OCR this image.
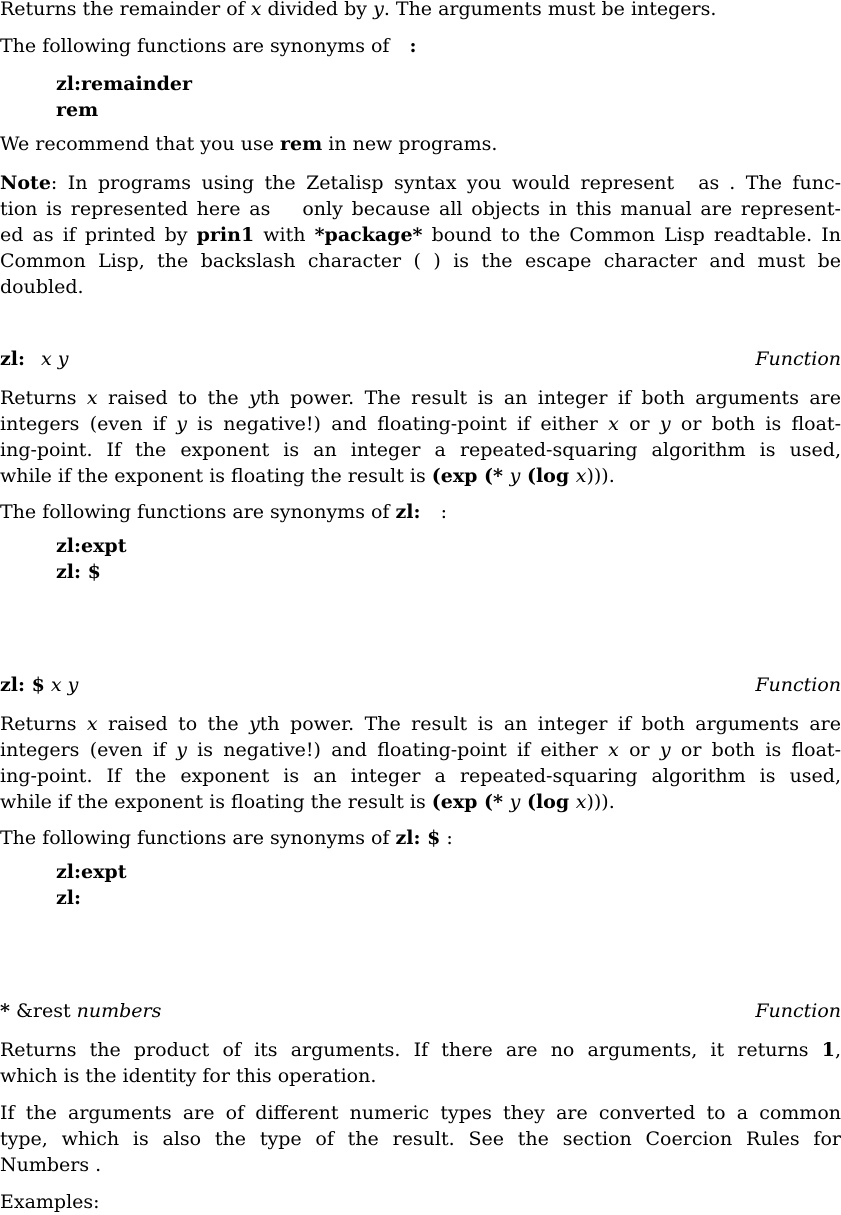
Returns the remainder of x divided by y. The arguments must be integers.

The following functions are synonyms of :

zl:remainder

rem

We recommend that you use rem in new programs.

Note: In programs using the Zetalisp syntax you would represent as . The func-
tion is represented here as only because all objects in this manual are represent-
ed as if printed by prin1 with *package* bound to the Common Lisp readtable. In
Common Lisp, the backslash character ( ) is the escape character and must be
doubled.
zl: x y	Function
Returns x raised to the yth power. The result is an integer if both arguments are
integers (even if y is negative!) and floating-point if either x or y or both is float-
ing-point. If the exponent is an integer a repeated-squaring algorithm is used,
while if the exponent is floating the result is (exp (* y (log x))).

The following functions are synonyms of zl: :

zl:expt

zl: $

zl: $ x y	Function
Returns x raised to the yth power. The result is an integer if both arguments are
integers (even if y is negative!) and floating-point if either x or y or both is float-
ing-point. If the exponent is an integer a repeated-squaring algorithm is used,
while if the exponent is floating the result is (exp (* y (log x))).

The following functions are synonyms of zl: $ :

zl:expt

zl:

* &rest numbers	Function
Returns the product of its arguments. If there are no arguments, it returns 1,
which is the identity for this operation.
If the arguments are of different numeric types they are converted to a common
type, which is also the type of the result. See the section Coercion Rules for
Numbers .

Examples:
